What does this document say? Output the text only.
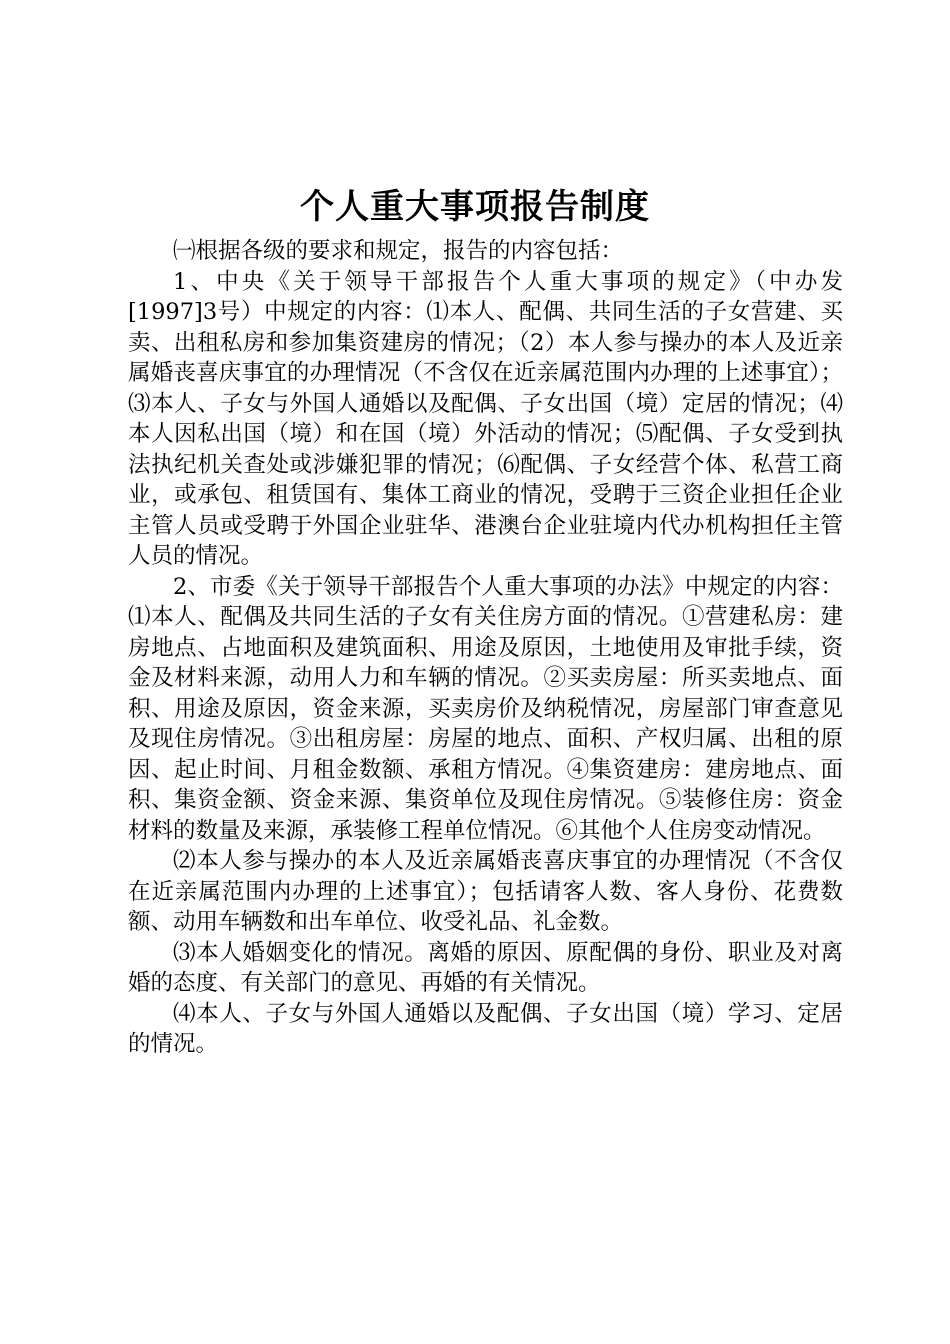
个人重大事项报告制度

㈠根据各级的要求和规定，报告的内容包括：

1、中央《关于领导干部报告个人重大事项的规定》（中办发[1997]3号）中规定的内容：⑴本人、配偶、共同生活的子女营建、买卖、出租私房和参加集资建房的情况；（2）本人参与操办的本人及近亲属婚丧喜庆事宜的办理情况（不含仅在近亲属范围内办理的上述事宜）；⑶本人、子女与外国人通婚以及配偶、子女出国（境）定居的情况；⑷本人因私出国（境）和在国（境）外活动的情况；⑸配偶、子女受到执法执纪机关查处或涉嫌犯罪的情况；⑹配偶、子女经营个体、私营工商业，或承包、租赁国有、集体工商业的情况，受聘于三资企业担任企业主管人员或受聘于外国企业驻华、港澳台企业驻境内代办机构担任主管人员的情况。

2、市委《关于领导干部报告个人重大事项的办法》中规定的内容：⑴本人、配偶及共同生活的子女有关住房方面的情况。①营建私房：建房地点、占地面积及建筑面积、用途及原因，土地使用及审批手续，资金及材料来源，动用人力和车辆的情况。②买卖房屋：所买卖地点、面积、用途及原因，资金来源，买卖房价及纳税情况，房屋部门审查意见及现住房情况。③出租房屋：房屋的地点、面积、产权归属、出租的原因、起止时间、月租金数额、承租方情况。④集资建房：建房地点、面积、集资金额、资金来源、集资单位及现住房情况。⑤装修住房：资金材料的数量及来源，承装修工程单位情况。⑥其他个人住房变动情况。

⑵本人参与操办的本人及近亲属婚丧喜庆事宜的办理情况（不含仅在近亲属范围内办理的上述事宜）；包括请客人数、客人身份、花费数额、动用车辆数和出车单位、收受礼品、礼金数。

⑶本人婚姻变化的情况。离婚的原因、原配偶的身份、职业及对离婚的态度、有关部门的意见、再婚的有关情况。

⑷本人、子女与外国人通婚以及配偶、子女出国（境）学习、定居的情况。
